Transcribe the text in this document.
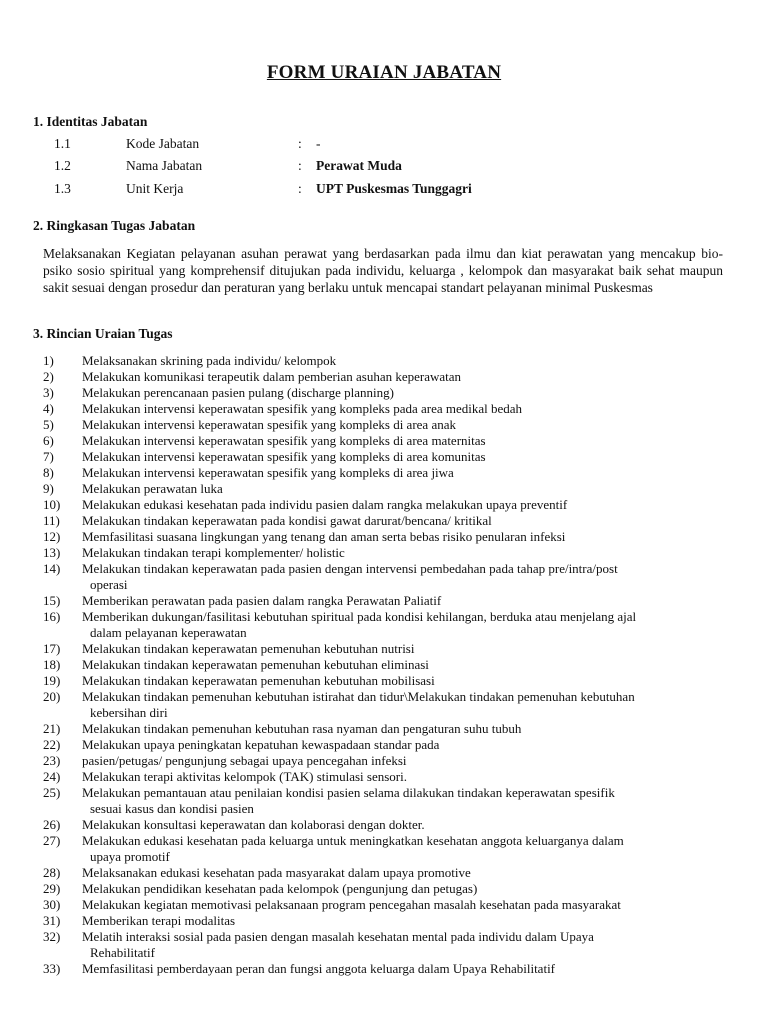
FORM URAIAN JABATAN
1. Identitas Jabatan
1.1	Kode Jabatan	: -
1.2	Nama Jabatan	: Perawat Muda
1.3	Unit Kerja	: UPT Puskesmas Tunggagri
2. Ringkasan Tugas Jabatan

Melaksanakan Kegiatan pelayanan asuhan perawat yang berdasarkan pada ilmu dan kiat perawatan yang mencakup bio- psiko sosio spiritual yang komprehensif ditujukan pada individu, keluarga , kelompok dan masyarakat baik sehat maupun sakit sesuai dengan prosedur dan peraturan yang berlaku untuk mencapai standart pelayanan minimal Puskesmas

3. Rincian Uraian Tugas
1)	Melaksanakan skrining pada individu/ kelompok
2)	Melakukan komunikasi terapeutik dalam pemberian asuhan keperawatan
3)	Melakukan perencanaan pasien pulang (discharge planning)
4)	Melakukan intervensi keperawatan spesifik yang kompleks pada area medikal bedah
5)	Melakukan intervensi keperawatan spesifik yang kompleks di area anak
6)	Melakukan intervensi keperawatan spesifik yang kompleks di area maternitas
7)	Melakukan intervensi keperawatan spesifik yang kompleks di area komunitas
8)	Melakukan intervensi keperawatan spesifik yang kompleks di area jiwa
9)	Melakukan perawatan luka
10)	Melakukan edukasi kesehatan pada individu pasien dalam rangka melakukan upaya preventif
11)	Melakukan tindakan keperawatan pada kondisi gawat darurat/bencana/ kritikal
12)	Memfasilitasi suasana lingkungan yang tenang dan aman serta bebas risiko penularan infeksi
13)	Melakukan tindakan terapi komplementer/ holistic
14)	Melakukan tindakan keperawatan pada pasien dengan intervensi pembedahan pada tahap pre/intra/post
operasi
15)	Memberikan perawatan pada pasien dalam rangka Perawatan Paliatif
16)	Memberikan dukungan/fasilitasi kebutuhan spiritual pada kondisi kehilangan, berduka atau menjelang ajal
dalam pelayanan keperawatan
17)	Melakukan tindakan keperawatan pemenuhan kebutuhan nutrisi
18)	Melakukan tindakan keperawatan pemenuhan kebutuhan eliminasi
19)	Melakukan tindakan keperawatan pemenuhan kebutuhan mobilisasi
20)	Melakukan tindakan pemenuhan kebutuhan istirahat dan tidur\Melakukan tindakan pemenuhan kebutuhan
kebersihan diri
21)	Melakukan tindakan pemenuhan kebutuhan rasa nyaman dan pengaturan suhu tubuh
22)	Melakukan upaya peningkatan kepatuhan kewaspadaan standar pada
23)	pasien/petugas/ pengunjung sebagai upaya pencegahan infeksi
24)	Melakukan terapi aktivitas kelompok (TAK) stimulasi sensori.
25)	Melakukan pemantauan atau penilaian kondisi pasien selama dilakukan tindakan keperawatan spesifik
sesuai kasus dan kondisi pasien
26)	Melakukan konsultasi keperawatan dan kolaborasi dengan dokter.
27)	Melakukan edukasi kesehatan pada keluarga untuk meningkatkan kesehatan anggota keluarganya dalam
upaya promotif
28)	Melaksanakan edukasi kesehatan pada masyarakat dalam upaya promotive
29)	Melakukan pendidikan kesehatan pada kelompok (pengunjung dan petugas)
30)	Melakukan kegiatan memotivasi pelaksanaan program pencegahan masalah kesehatan pada masyarakat
31)	Memberikan terapi modalitas
32)	Melatih interaksi sosial pada pasien dengan masalah kesehatan mental pada individu dalam Upaya
Rehabilitatif
33)	Memfasilitasi pemberdayaan peran dan fungsi anggota keluarga dalam Upaya Rehabilitatif
